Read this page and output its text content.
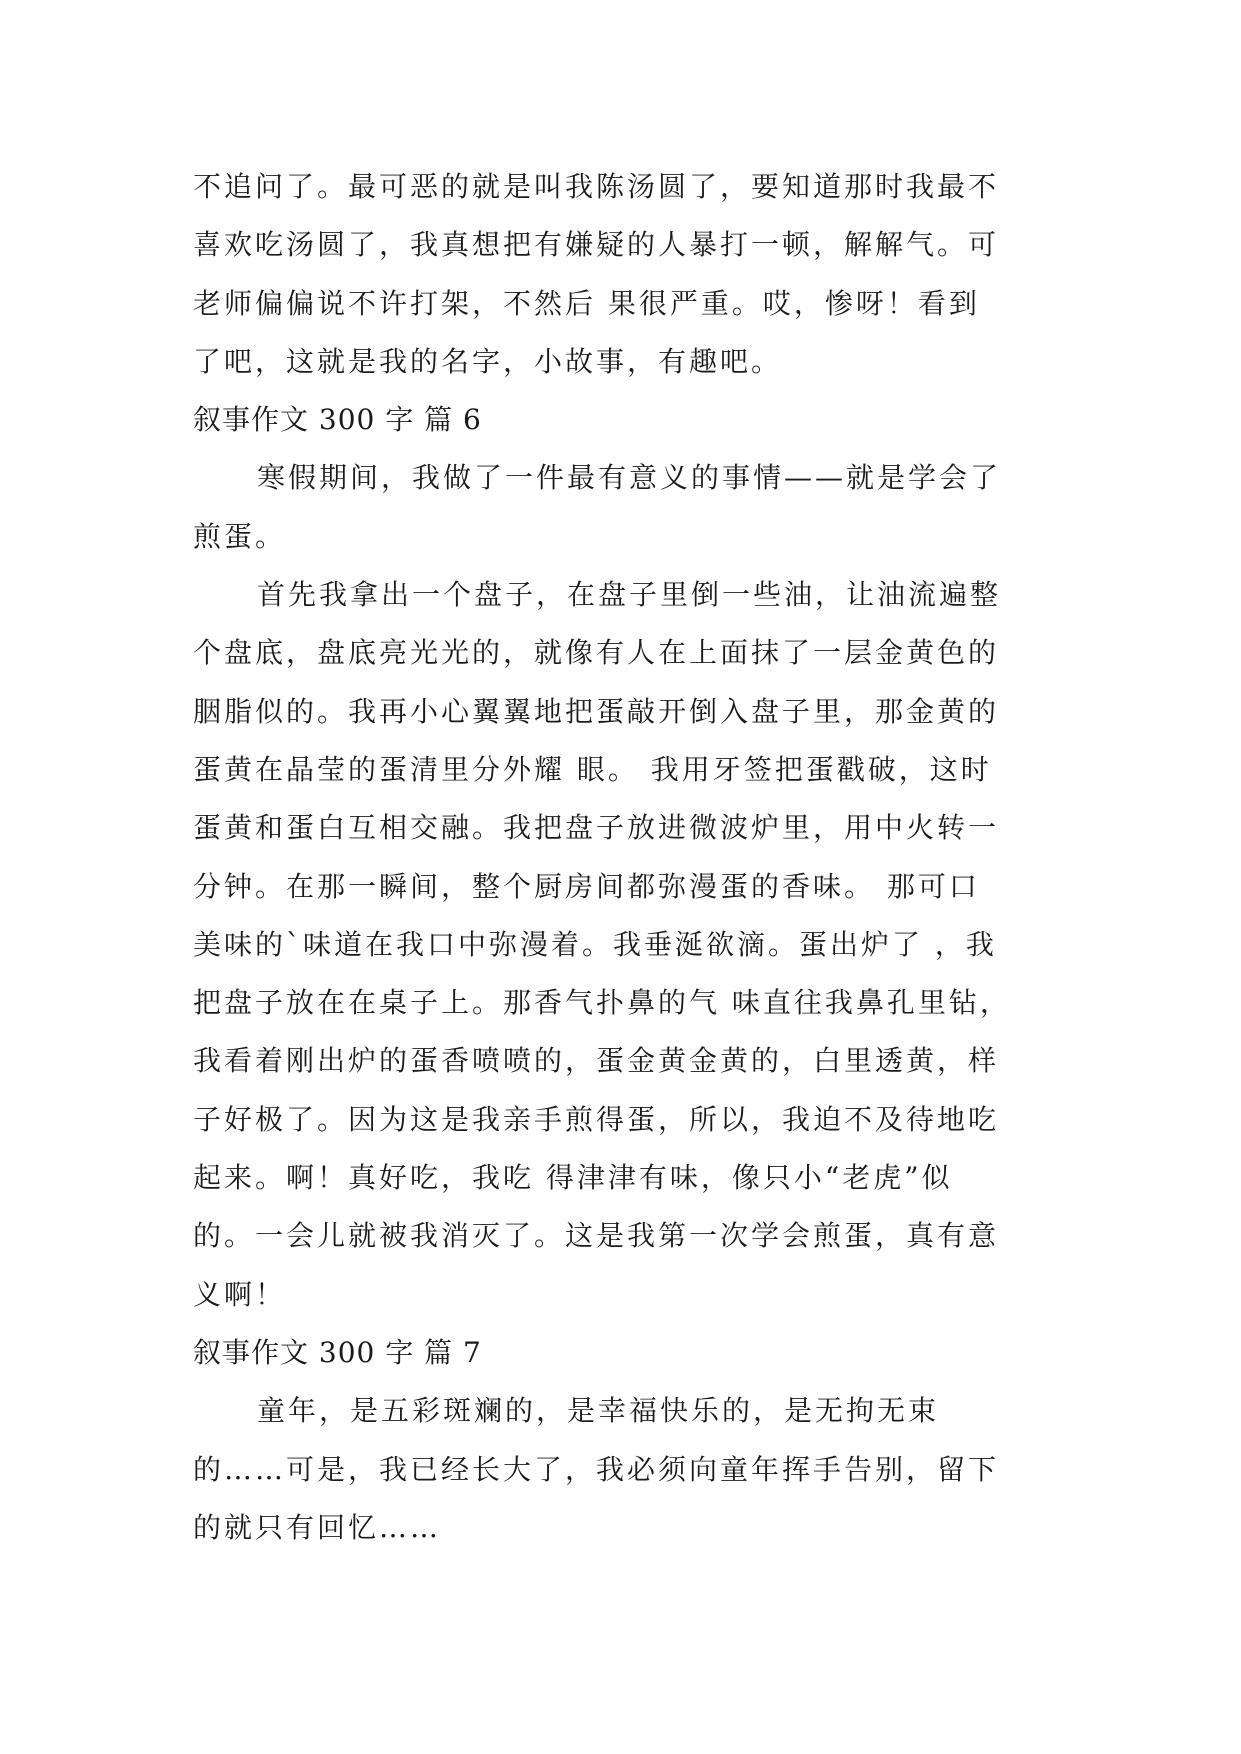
不追问了。最可恶的就是叫我陈汤圆了，要知道那时我最不
喜欢吃汤圆了，我真想把有嫌疑的人暴打一顿，解解气。可
老师偏偏说不许打架，不然后 果很严重。哎，惨呀！看到
了吧，这就是我的名字，小故事，有趣吧。
叙事作文 300 字 篇 6
寒假期间，我做了一件最有意义的事情——就是学会了
煎蛋。
首先我拿出一个盘子，在盘子里倒一些油，让油流遍整
个盘底，盘底亮光光的，就像有人在上面抹了一层金黄色的
胭脂似的。我再小心翼翼地把蛋敲开倒入盘子里，那金黄的
蛋黄在晶莹的蛋清里分外耀 眼。 我用牙签把蛋戳破，这时
蛋黄和蛋白互相交融。我把盘子放进微波炉里，用中火转一
分钟。在那一瞬间，整个厨房间都弥漫蛋的香味。 那可口
美味的`味道在我口中弥漫着。我垂涎欲滴。蛋出炉了 ，我
把盘子放在在桌子上。那香气扑鼻的气 味直往我鼻孔里钻，
我看着刚出炉的蛋香喷喷的，蛋金黄金黄的，白里透黄，样
子好极了。因为这是我亲手煎得蛋，所以，我迫不及待地吃
起来。啊！真好吃，我吃 得津津有味，像只小“老虎”似
的。一会儿就被我消灭了。这是我第一次学会煎蛋，真有意
义啊！
叙事作文 300 字 篇 7
童年，是五彩斑斓的，是幸福快乐的，是无拘无束
的……可是，我已经长大了，我必须向童年挥手告别，留下
的就只有回忆……
